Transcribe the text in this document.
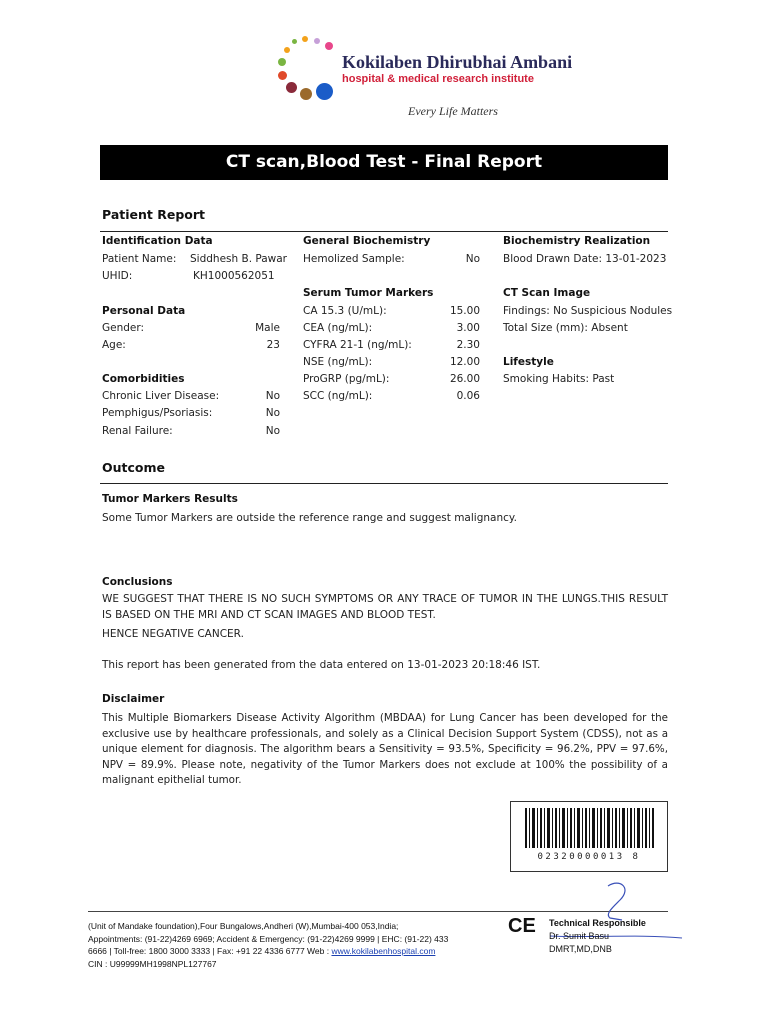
Kokilaben Dhirubhai Ambani
hospital & medical research institute
Every Life Matters
CT scan,Blood Test - Final Report
Patient Report
Identification Data
Patient Name: Siddhesh B. Pawar
UHID:	KH1000562051
Personal Data
Gender:	Male
Age:	23
Comorbidities
Chronic Liver Disease:	No
Pemphigus/Psoriasis:	No
Renal Failure:	No
General Biochemistry
Hemolized Sample:	No
Serum Tumor Markers
CA 15.3 (U/mL):	15.00
CEA (ng/mL):	3.00
CYFRA 21-1 (ng/mL):	2.30
NSE (ng/mL):	12.00
ProGRP (pg/mL):	26.00
SCC (ng/mL):	0.06
Biochemistry Realization
Blood Drawn Date: 13-01-2023
CT Scan Image
Findings: No Suspicious Nodules
Total Size (mm): Absent
Lifestyle
Smoking Habits: Past
Outcome
Tumor Markers Results
Some Tumor Markers are outside the reference range and suggest malignancy.
Conclusions
WE SUGGEST THAT THERE IS NO SUCH SYMPTOMS OR ANY TRACE OF TUMOR IN THE LUNGS.THIS RESULT IS BASED ON THE MRI AND CT SCAN IMAGES AND BLOOD TEST.
HENCE NEGATIVE CANCER.
This report has been generated from the data entered on 13-01-2023 20:18:46 IST.
Disclaimer
This Multiple Biomarkers Disease Activity Algorithm (MBDAA) for Lung Cancer has been developed for the exclusive use by healthcare professionals, and solely as a Clinical Decision Support System (CDSS), not as a unique element for diagnosis. The algorithm bears a Sensitivity = 93.5%, Specificity = 96.2%, PPV = 97.6%, NPV = 89.9%. Please note, negativity of the Tumor Markers does not exclude at 100% the possibility of a malignant epithelial tumor.
02320000013 8
(Unit of Mandake foundation),Four Bungalows,Andheri (W),Mumbai-400 053,India;
Appointments: (91-22)4269 6969; Accident & Emergency: (91-22)4269 9999 | EHC: (91-22) 433
6666 | Toll-free: 1800 3000 3333 | Fax: +91 22 4336 6777 Web : www.kokilabenhospital.com
CIN : U99999MH1998NPL127767
CE Technical Responsible
Dr. Sumit Basu
DMRT,MD,DNB
